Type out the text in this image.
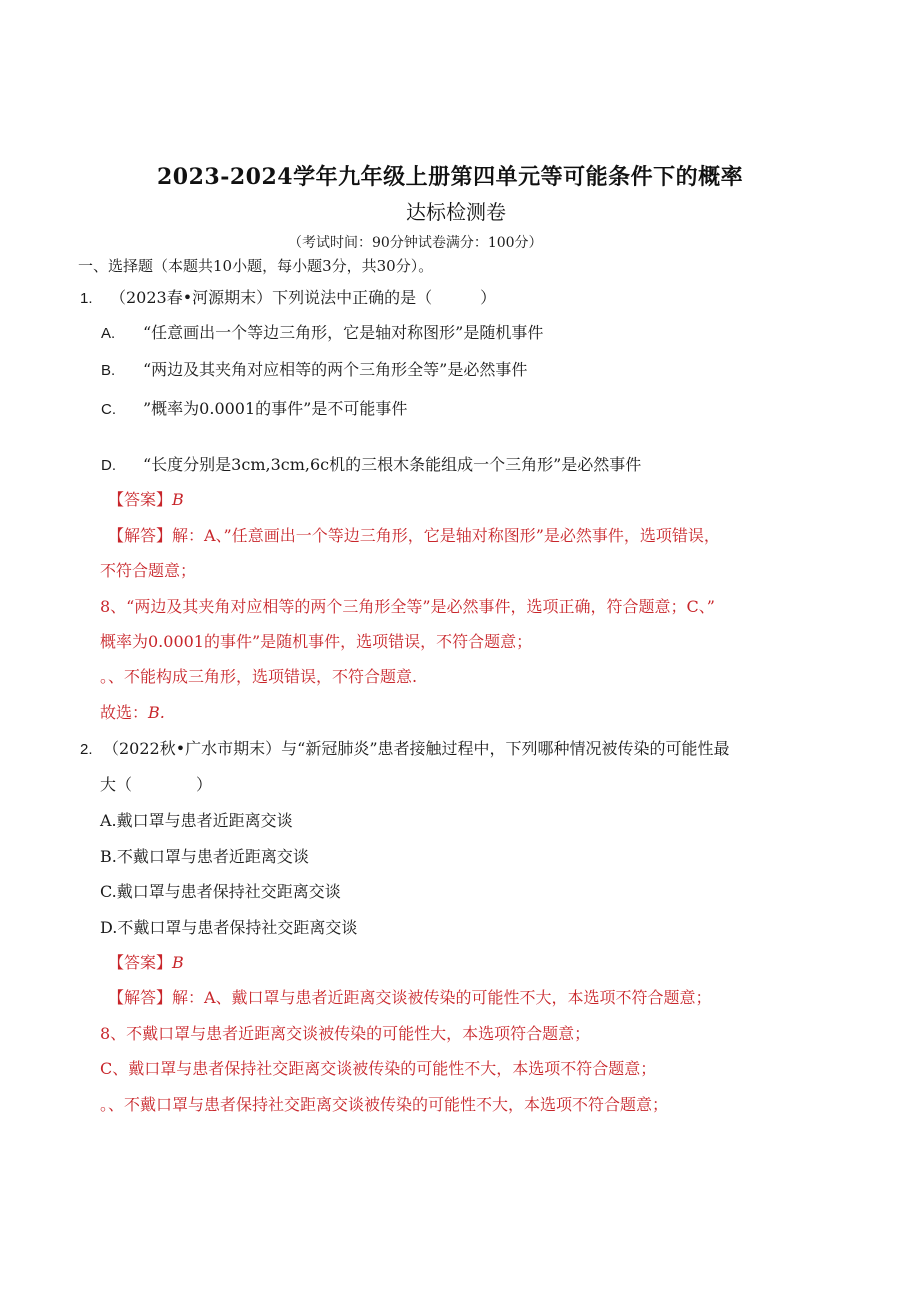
2023-2024学年九年级上册第四单元等可能条件下的概率
达标检测卷
（考试时间：90分钟试卷满分：100分）
一、选择题（本题共10小题，每小题3分，共30分）。
1. （2023春•河源期末）下列说法中正确的是（　　　）
A. “任意画出一个等边三角形，它是轴对称图形”是随机事件
B. “两边及其夹角对应相等的两个三角形全等”是必然事件
C. ”概率为0.0001的事件”是不可能事件
D. “长度分别是3cm,3cm,6c机的三根木条能组成一个三角形”是必然事件
【答案】B
【解答】解：A、”任意画出一个等边三角形，它是轴对称图形”是必然事件，选项错误，
不符合题意；
8、“两边及其夹角对应相等的两个三角形全等”是必然事件，选项正确，符合题意；C、”
概率为0.0001的事件”是随机事件，选项错误，不符合题意；
。、不能构成三角形，选项错误，不符合题意.
故选：B.
2. （2022秋•广水市期末）与“新冠肺炎”患者接触过程中，下列哪种情况被传染的可能性最
大（　　　　）
A.戴口罩与患者近距离交谈
B.不戴口罩与患者近距离交谈
C.戴口罩与患者保持社交距离交谈
D.不戴口罩与患者保持社交距离交谈
【答案】B
【解答】解：A、戴口罩与患者近距离交谈被传染的可能性不大，本选项不符合题意；
8、不戴口罩与患者近距离交谈被传染的可能性大，本选项符合题意；
C、戴口罩与患者保持社交距离交谈被传染的可能性不大，本选项不符合题意；
。、不戴口罩与患者保持社交距离交谈被传染的可能性不大，本选项不符合题意；
